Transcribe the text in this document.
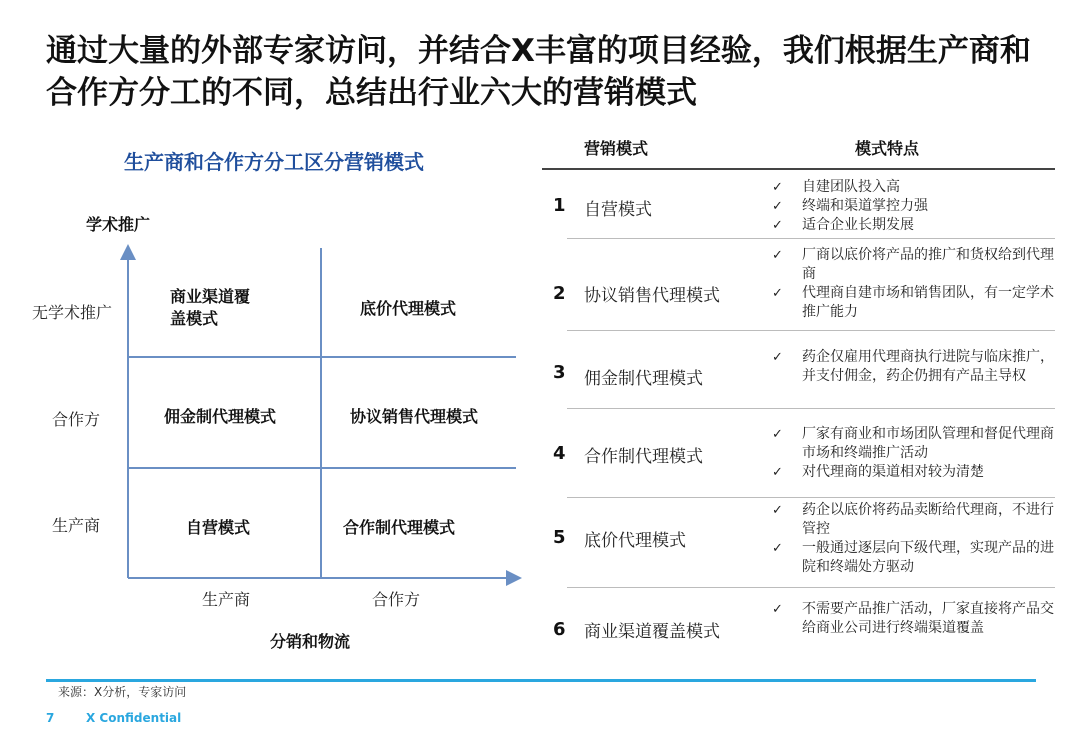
通过大量的外部专家访问，并结合X丰富的项目经验，我们根据生产商和合作方分工的不同，总结出行业六大的营销模式
生产商和合作方分工区分营销模式
学术推广
无学术推广
合作方
生产商
生产商	合作方
分销和物流
商业渠道覆
盖模式
底价代理模式
佣金制代理模式	协议销售代理模式
自营模式	合作制代理模式
营销模式	模式特点
1 自营模式
✓ 自建团队投入高
✓ 终端和渠道掌控力强
✓ 适合企业长期发展
2 协议销售代理模式
✓ 厂商以底价将产品的推广和货权给到代理商
✓ 代理商自建市场和销售团队，有一定学术推广能力
3 佣金制代理模式
✓ 药企仅雇用代理商执行进院与临床推广，并支付佣金，药企仍拥有产品主导权
4 合作制代理模式
✓ 厂家有商业和市场团队管理和督促代理商市场和终端推广活动
✓ 对代理商的渠道相对较为清楚
5 底价代理模式
✓ 药企以底价将药品卖断给代理商，不进行管控
✓ 一般通过逐层向下级代理，实现产品的进院和终端处方驱动
6 商业渠道覆盖模式
✓ 不需要产品推广活动，厂家直接将产品交给商业公司进行终端渠道覆盖
来源：X分析，专家访问
7	X Confidential
